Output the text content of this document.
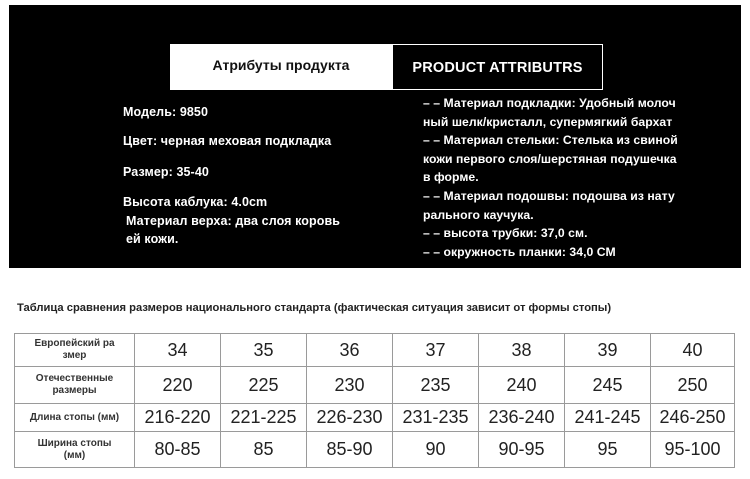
Атрибуты продукта	PRODUCT ATTRIBUTRS
Модель: 9850
Цвет: черная меховая подкладка
Размер: 35-40
Высота каблука: 4.0cm
Материал верха: два слоя коровь
ей кожи.
– – Материал подкладки: Удобный молоч
ный шелк/кристалл, супермягкий бархат
– – Материал стельки: Стелька из свиной
кожи первого слоя/шерстяная подушечка
в форме.
– – Материал подошвы: подошва из нату
рального каучука.
– – высота трубки: 37,0 см.
– – окружность планки: 34,0 СМ
Таблица сравнения размеров национального стандарта (фактическая ситуация зависит от формы стопы)
Европейский ра
змер	34	35	36	37	38	39	40
Отечественные
размеры	220	225	230	235	240	245	250
Длина стопы (мм)	216-220	221-225	226-230	231-235	236-240	241-245	246-250
Ширина стопы
(мм)	80-85	85	85-90	90	90-95	95	95-100
